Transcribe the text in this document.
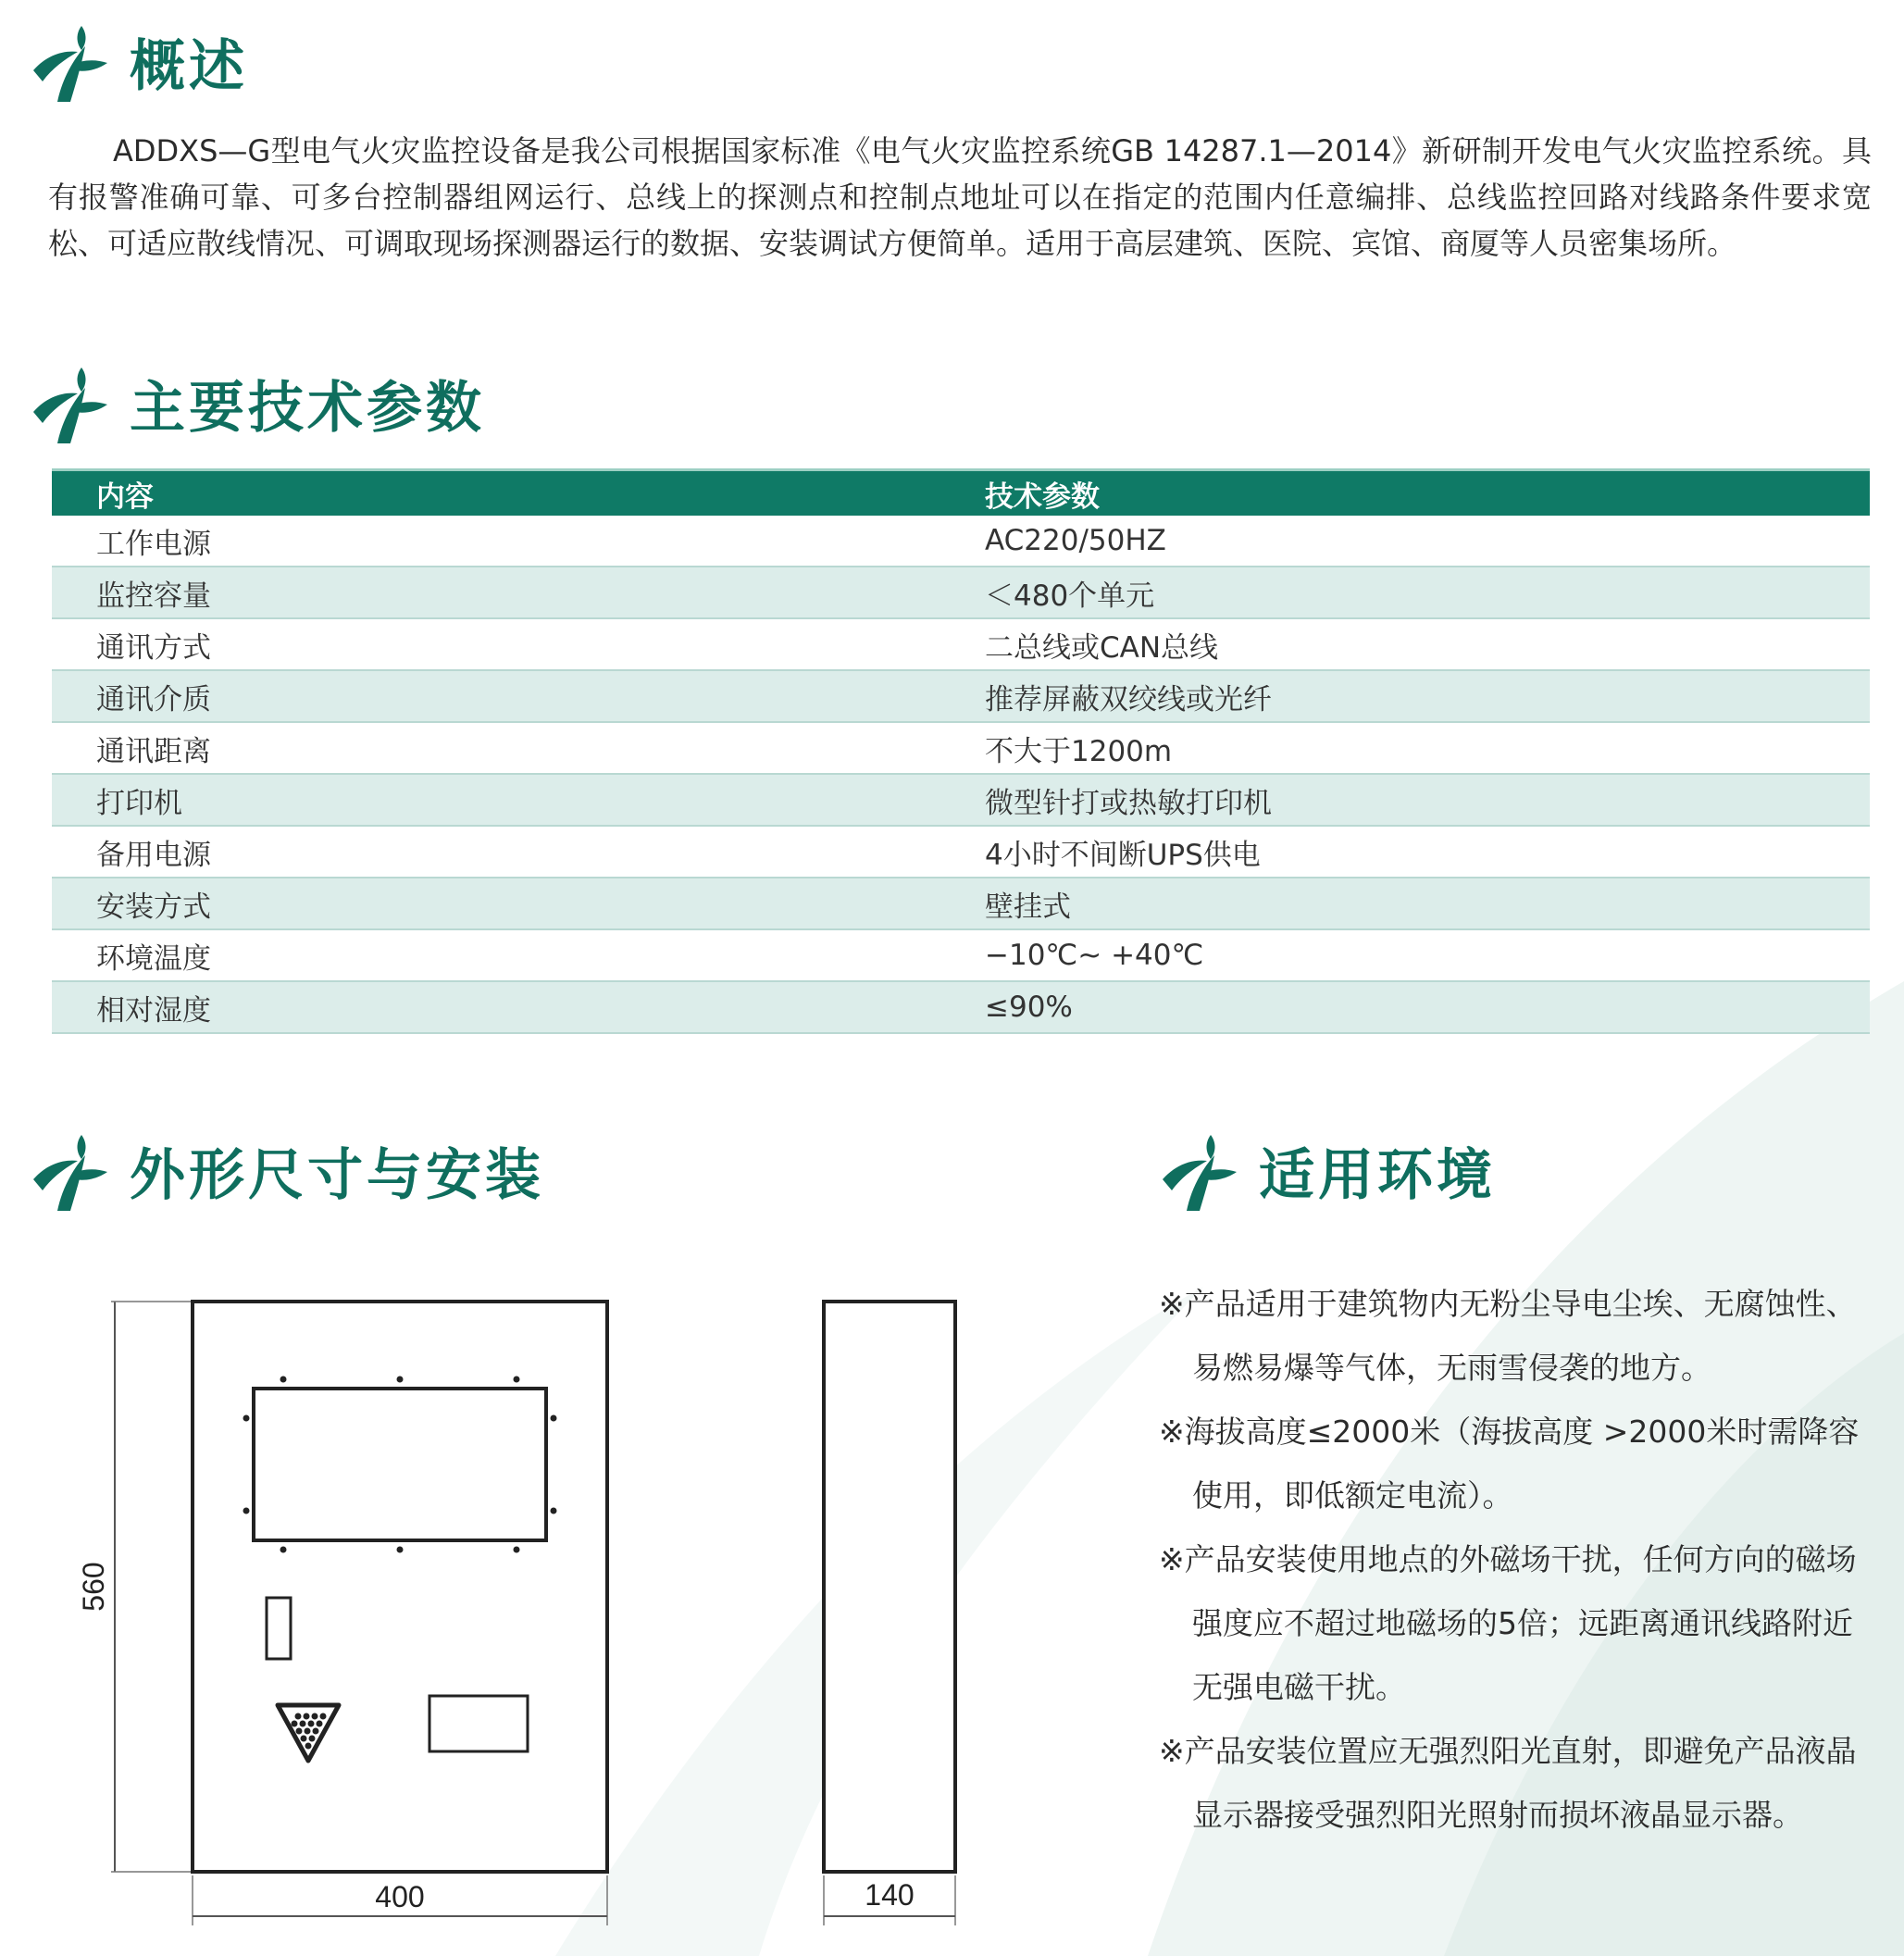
概述

ADDXS—G型电气火灾监控设备是我公司根据国家标准《电气火灾监控系统GB 14287.1—2014》新研制开发电气火灾监控系统。具有报警准确可靠、可多台控制器组网运行、总线上的探测点和控制点地址可以在指定的范围内任意编排、总线监控回路对线路条件要求宽松、可适应散线情况、可调取现场探测器运行的数据、安装调试方便简单。适用于高层建筑、医院、宾馆、商厦等人员密集场所。

主要技术参数
内容	技术参数
工作电源	AC220/50HZ
监控容量	＜480个单元
通讯方式	二总线或CAN总线
通讯介质	推荐屏蔽双绞线或光纤
通讯距离	不大于1200m
打印机	微型针打或热敏打印机
备用电源	4小时不间断UPS供电
安装方式	壁挂式
环境温度	−10℃~ +40℃
相对湿度	≤90%
外形尺寸与安装
560
400	140
适用环境
※产品适用于建筑物内无粉尘导电尘埃、无腐蚀性、易燃易爆等气体，无雨雪侵袭的地方。
※海拔高度≤2000米（海拔高度 >2000米时需降容使用，即低额定电流）。
※产品安装使用地点的外磁场干扰，任何方向的磁场强度应不超过地磁场的5倍；远距离通讯线路附近无强电磁干扰。
※产品安装位置应无强烈阳光直射，即避免产品液晶显示器接受强烈阳光照射而损坏液晶显示器。
